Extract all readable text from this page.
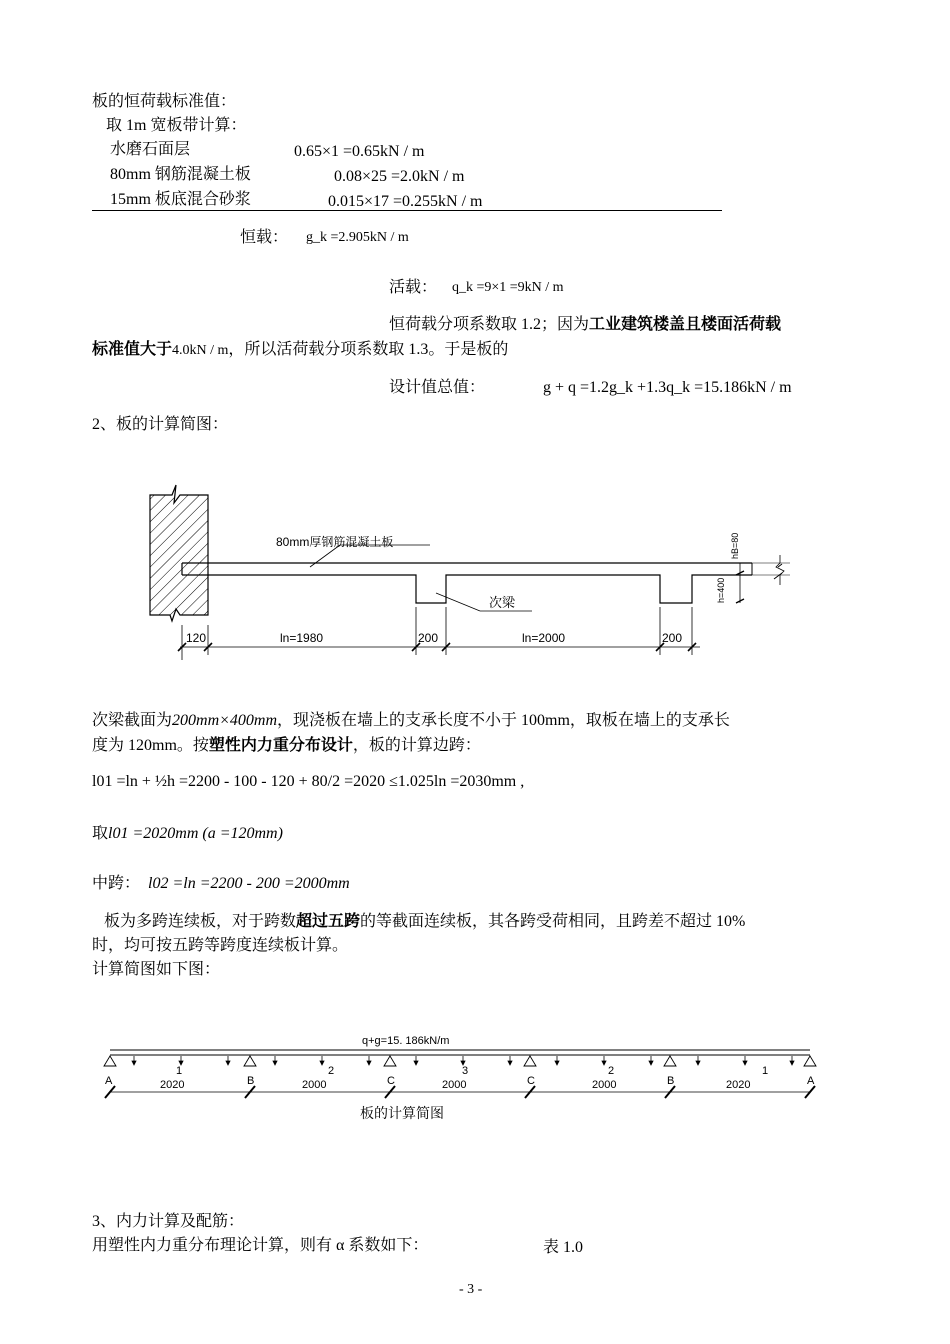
板的恒荷载标准值：
取 1m 宽板带计算：
水磨石面层	0.65×1 =0.65kN / m
80mm 钢筋混凝土板	0.08×25 =2.0kN / m
15mm 板底混合砂浆	0.015×17 =0.255kN / m
恒载： g_k =2.905kN / m
活载： q_k =9×1 =9kN / m
恒荷载分项系数取 1.2；因为工业建筑楼盖且楼面活荷载
标准值大于4.0kN / m，所以活荷载分项系数取 1.3。于是板的
设计值总值：	g + q =1.2g_k +1.3q_k =15.186kN / m
2、板的计算简图：
80mm厚钢筋混凝土板
次梁
hB=80
h=400
120	ln=1980	200	ln=2000	200
次梁截面为200mm×400mm，现浇板在墙上的支承长度不小于 100mm，取板在墙上的支承长
度为 120mm。按塑性内力重分布设计，板的计算边跨：
l01 =ln + ½h =2200 - 100 - 120 + 80/2 =2020 ≤1.025ln =2030mm ,
取l01 =2020mm (a =120mm)
中跨： l02 =ln =2200 - 200 =2000mm
板为多跨连续板，对于跨数超过五跨的等截面连续板，其各跨受荷相同，且跨差不超过 10%
时，均可按五跨等跨度连续板计算。
计算简图如下图：
q+g=15. 186kN/m
A	B	C	C	B	A
1	2	3	2	1
2020	2000	2000	2000	2020
板的计算简图
3、内力计算及配筋：
用塑性内力重分布理论计算，则有 α 系数如下：	表 1.0
- 3 -
